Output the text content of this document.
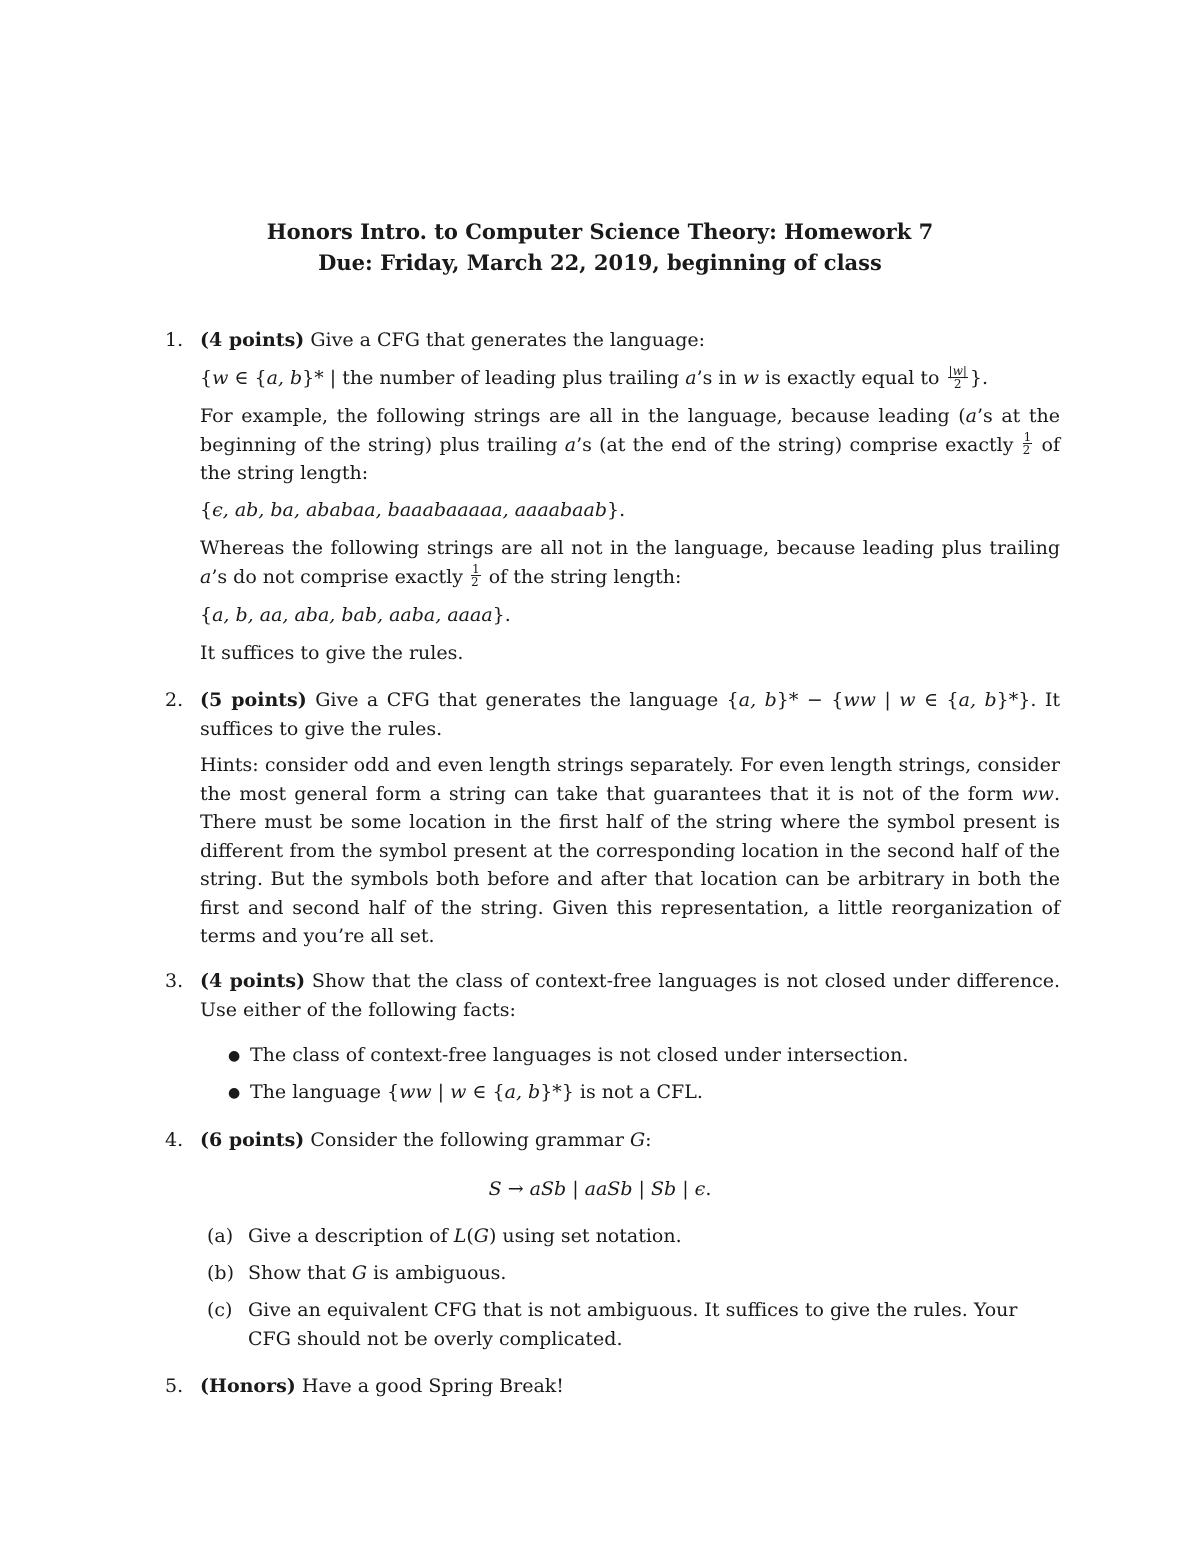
Honors Intro. to Computer Science Theory: Homework 7
Due: Friday, March 22, 2019, beginning of class
1. (4 points) Give a CFG that generates the language:
{w ∈ {a, b}* | the number of leading plus trailing a’s in w is exactly equal to $\frac{|w|}{2}$ }.
For example, the following strings are all in the language, because leading (a’s at the beginning of the string) plus trailing a’s (at the end of the string) comprise exactly $\frac{1}{2}$ of the string length:
{ϵ, ab, ba, ababaa, baaabaaaaa, aaaabaab}.
Whereas the following strings are all not in the language, because leading plus trailing a’s do not comprise exactly $\frac{1}{2}$ of the string length:
{a, b, aa, aba, bab, aaba, aaaa}.
It suffices to give the rules.
2. (5 points) Give a CFG that generates the language {a, b}* − {ww | w ∈ {a, b}*}. It suffices to give the rules.
Hints: consider odd and even length strings separately. For even length strings, consider the most general form a string can take that guarantees that it is not of the form ww. There must be some location in the first half of the string where the symbol present is different from the symbol present at the corresponding location in the second half of the string. But the symbols both before and after that location can be arbitrary in both the first and second half of the string. Given this representation, a little reorganization of terms and you’re all set.
3. (4 points) Show that the class of context-free languages is not closed under difference. Use either of the following facts:
● The class of context-free languages is not closed under intersection.
● The language {ww | w ∈ {a, b}*} is not a CFL.
4. (6 points) Consider the following grammar G:
S → aSb | aaSb | Sb | ϵ.
(a) Give a description of L(G) using set notation.
(b) Show that G is ambiguous.
(c) Give an equivalent CFG that is not ambiguous. It suffices to give the rules. Your CFG should not be overly complicated.
5. (Honors) Have a good Spring Break!
